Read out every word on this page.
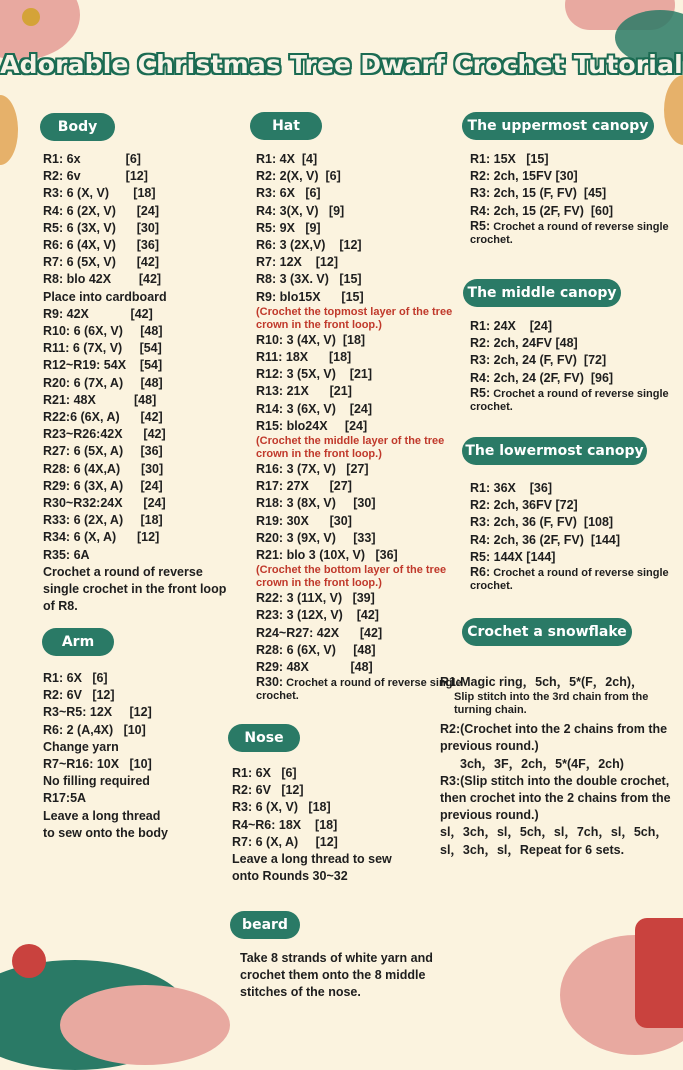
Adorable Christmas Tree Dwarf Crochet Tutorial
Body
R1: 6x             [6]
R2: 6v             [12]
R3: 6 (X, V)       [18]
R4: 6 (2X, V)      [24]
R5: 6 (3X, V)      [30]
R6: 6 (4X, V)      [36]
R7: 6 (5X, V)      [42]
R8: blo 42X        [42]
Place into cardboard
R9: 42X            [42]
R10: 6 (6X, V)     [48]
R11: 6 (7X, V)     [54]
R12~R19: 54X    [54]
R20: 6 (7X, A)     [48]
R21: 48X           [48]
R22:6 (6X, A)      [42]
R23~R26:42X      [42]
R27: 6 (5X, A)     [36]
R28: 6 (4X,A)      [30]
R29: 6 (3X, A)     [24]
R30~R32:24X      [24]
R33: 6 (2X, A)     [18]
R34: 6 (X, A)      [12]
R35: 6A
Crochet a round of reverse single crochet in the front loop of R8.
Arm
R1: 6X   [6]
R2: 6V   [12]
R3~R5: 12X     [12]
R6: 2 (A,4X)   [10]
Change yarn
R7~R16: 10X   [10]
No filling required
R17:5A
Leave a long thread
to sew onto the body
Hat
R1: 4X  [4]
R2: 2(X, V)  [6]
R3: 6X   [6]
R4: 3(X, V)   [9]
R5: 9X   [9]
R6: 3 (2X,V)    [12]
R7: 12X    [12]
R8: 3 (3X. V)   [15]
R9: blo15X      [15]
(Crochet the topmost layer of the tree crown in the front loop.)
R10: 3 (4X, V)  [18]
R11: 18X      [18]
R12: 3 (5X, V)    [21]
R13: 21X      [21]
R14: 3 (6X, V)    [24]
R15: blo24X     [24]
(Crochet the middle layer of the tree crown in the front loop.)
R16: 3 (7X, V)   [27]
R17: 27X      [27]
R18: 3 (8X, V)     [30]
R19: 30X      [30]
R20: 3 (9X, V)     [33]
R21: blo 3 (10X, V)   [36]
(Crochet the bottom layer of the tree crown in the front loop.)
R22: 3 (11X, V)   [39]
R23: 3 (12X, V)    [42]
R24~R27: 42X      [42]
R28: 6 (6X, V)     [48]
R29: 48X            [48]
R30: Crochet a round of reverse single crochet.
Nose
R1: 6X   [6]
R2: 6V   [12]
R3: 6 (X, V)   [18]
R4~R6: 18X    [18]
R7: 6 (X, A)     [12]
Leave a long thread to sew onto Rounds 30~32
beard
Take 8 strands of white yarn and crochet them onto the 8 middle stitches of the nose.
The uppermost canopy
R1: 15X   [15]
R2: 2ch, 15FV [30]
R3: 2ch, 15 (F, FV)  [45]
R4: 2ch, 15 (2F, FV)  [60]
R5: Crochet a round of reverse single crochet.
The middle canopy
R1: 24X    [24]
R2: 2ch, 24FV [48]
R3: 2ch, 24 (F, FV)  [72]
R4: 2ch, 24 (2F, FV)  [96]
R5: Crochet a round of reverse single crochet.
The lowermost canopy
R1: 36X    [36]
R2: 2ch, 36FV [72]
R3: 2ch, 36 (F, FV)  [108]
R4: 2ch, 36 (2F, FV)  [144]
R5: 144X [144]
R6: Crochet a round of reverse single crochet.
Crochet a snowflake
R1:Magic ring，5ch，5*(F，2ch)，
Slip stitch into the 3rd chain from the turning chain.
R2:(Crochet into the 2 chains from the previous round.)
3ch，3F，2ch，5*(4F，2ch)
R3:(Slip stitch into the double crochet, then crochet into the 2 chains from the previous round.)
sl，3ch，sl，5ch，sl，7ch，sl，5ch，sl，3ch，sl，Repeat for 6 sets.
